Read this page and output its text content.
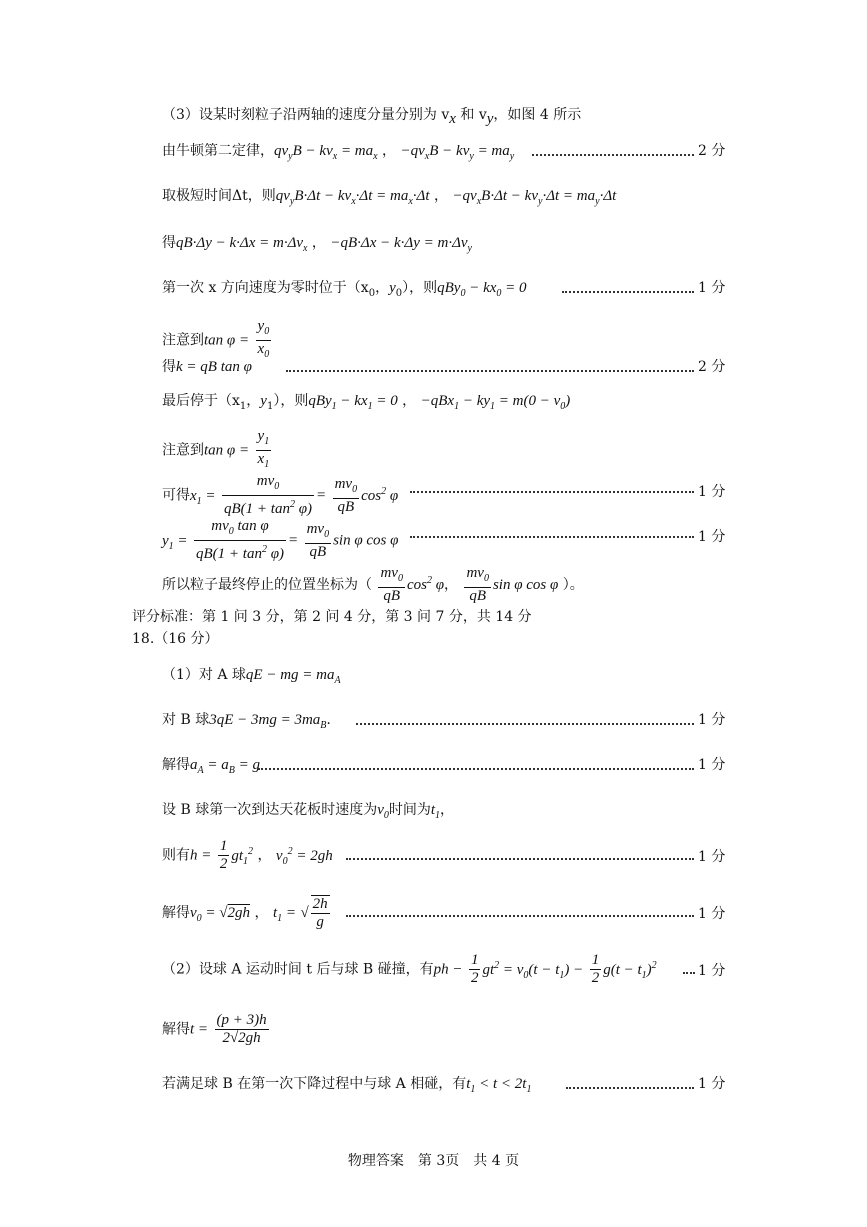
（3）设某时刻粒子沿两轴的速度分量分别为 $v_x$ 和 $v_y$，如图 4 所示
由牛顿第二定律，$qv_yB - kv_x = ma_x$ ， $-qv_xB - kv_y = ma_y$	2 分
取极短时间Δt，则$qv_yB\cdot\Delta t - kv_x\cdot\Delta t = ma_x\cdot\Delta t$ ， $-qv_xB\cdot\Delta t - kv_y\cdot\Delta t = ma_y\cdot\Delta t$
得$qB\cdot\Delta y - k\cdot\Delta x = m\cdot\Delta v_x$ ， $-qB\cdot\Delta x - k\cdot\Delta y = m\cdot\Delta v_y$
第一次 x 方向速度为零时位于（$x_0$，$y_0$），则$qBy_0 - kx_0 = 0$	1 分
注意到$\tan \varphi = \frac{y_0}{x_0}$
得k = qB tan φ	2 分
最后停于（$x_1$，$y_1$），则$qBy_1 - kx_1 = 0$ ， $-qBx_1 - ky_1 = m(0 - v_0)$
注意到$\tan \varphi = \frac{y_1}{x_1}$
可得$x_1 = \frac{mv_0}{qB(1 + \tan^2 \varphi)} = \frac{mv_0}{qB} \cos^2 \varphi$	1 分
$y_1 = \frac{mv_0 \tan \varphi}{qB(1 + \tan^2 \varphi)} = \frac{mv_0}{qB}$ sin φ cos φ	1 分
所以粒子最终停止的位置坐标为（ $\frac{mv_0}{qB} \cos^2 \varphi$， $\frac{mv_0}{qB}$ sin φ cos φ ）。
评分标准：第 1 问 3 分，第 2 问 4 分，第 3 问 7 分，共 14 分
18.（16 分）
（1）对 A 球qE − mg = $ma_A$
对 B 球$3qE - 3mg = 3ma_B$.	1 分
解得$a_A = a_B = g$	1 分
设 B 球第一次到达天花板时速度为$v_0$时间为$t_1$，
则有$h = \frac{1}{2} gt_1^2$ ， $v_0^2 = 2gh$	1 分
解得$v_0 = √2gh$ ， $t_1$ = √ $\frac{2h}{g}$	1 分
（2）设球 A 运动时间 t 后与球 B 碰撞，有ph − $\frac{1}{2} gt^2 = v_0(t - t_1) - \frac{1}{2} g(t - t_1)^2$	1 分
解得$t = \frac{(p + 3)h}{2√2gh}$
若满足球 B 在第一次下降过程中与球 A 相碰，有$t_1 < t < 2t_1$	1 分
物理答案　第 3页　共 4 页
